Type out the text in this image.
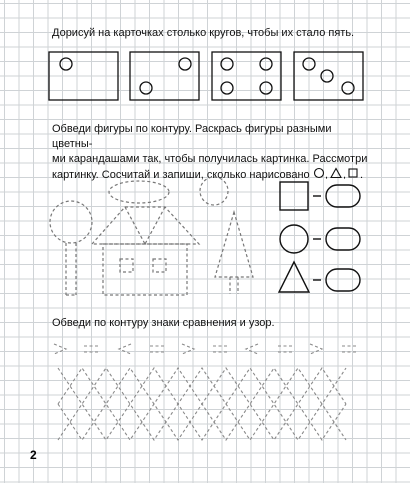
Дорисуй на карточках столько кругов, чтобы их стало пять.
Обведи фигуры по контуру. Раскрась фигуры разными цветны-
ми карандашами так, чтобы получилась картинка. Рассмотри
картинку. Сосчитай и запиши, сколько нарисовано , , .
Обведи по контуру знаки сравнения и узор.
2
